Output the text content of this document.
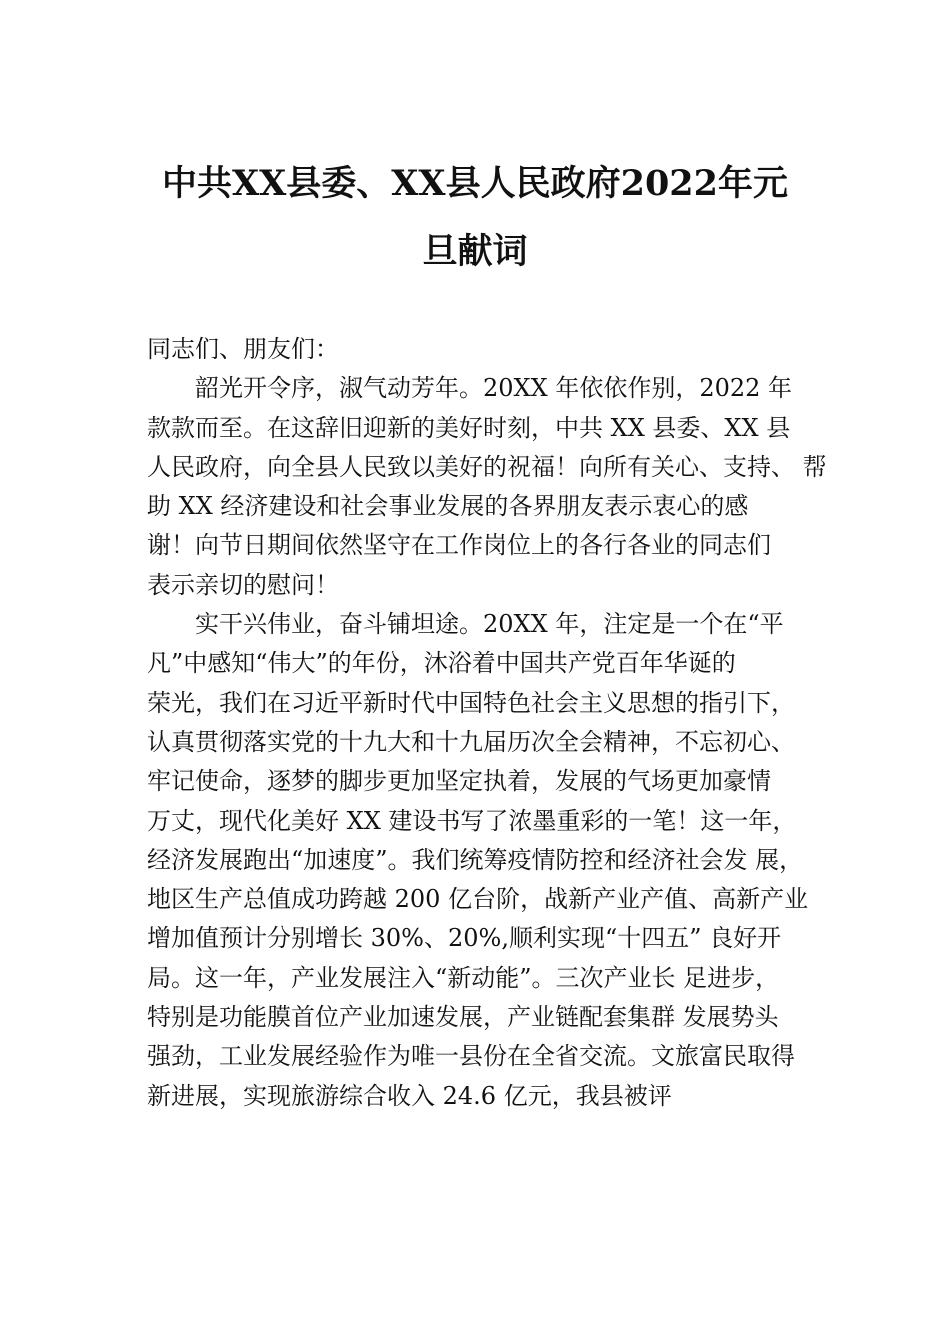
中共XX县委、XX县人民政府2022年元
旦献词
同志们、朋友们：
　　韶光开令序，淑气动芳年。20XX 年依依作别，2022 年
款款而至。在这辞旧迎新的美好时刻，中共 XX 县委、XX 县
人民政府，向全县人民致以美好的祝福！向所有关心、支持、 帮
助 XX 经济建设和社会事业发展的各界朋友表示衷心的感
谢！向节日期间依然坚守在工作岗位上的各行各业的同志们
表示亲切的慰问！
　　实干兴伟业，奋斗铺坦途。20XX 年，注定是一个在“平
凡”中感知“伟大”的年份，沐浴着中国共产党百年华诞的
荣光，我们在习近平新时代中国特色社会主义思想的指引下，
认真贯彻落实党的十九大和十九届历次全会精神，不忘初心、
牢记使命，逐梦的脚步更加坚定执着，发展的气场更加豪情
万丈，现代化美好 XX 建设书写了浓墨重彩的一笔！这一年，
经济发展跑出“加速度”。我们统筹疫情防控和经济社会发 展，
地区生产总值成功跨越 200 亿台阶，战新产业产值、高新产业
增加值预计分别增长 30%、20%,顺利实现“十四五” 良好开
局。这一年，产业发展注入“新动能”。三次产业长 足进步，
特别是功能膜首位产业加速发展，产业链配套集群 发展势头
强劲，工业发展经验作为唯一县份在全省交流。文旅富民取得
新进展，实现旅游综合收入 24.6 亿元，我县被评
